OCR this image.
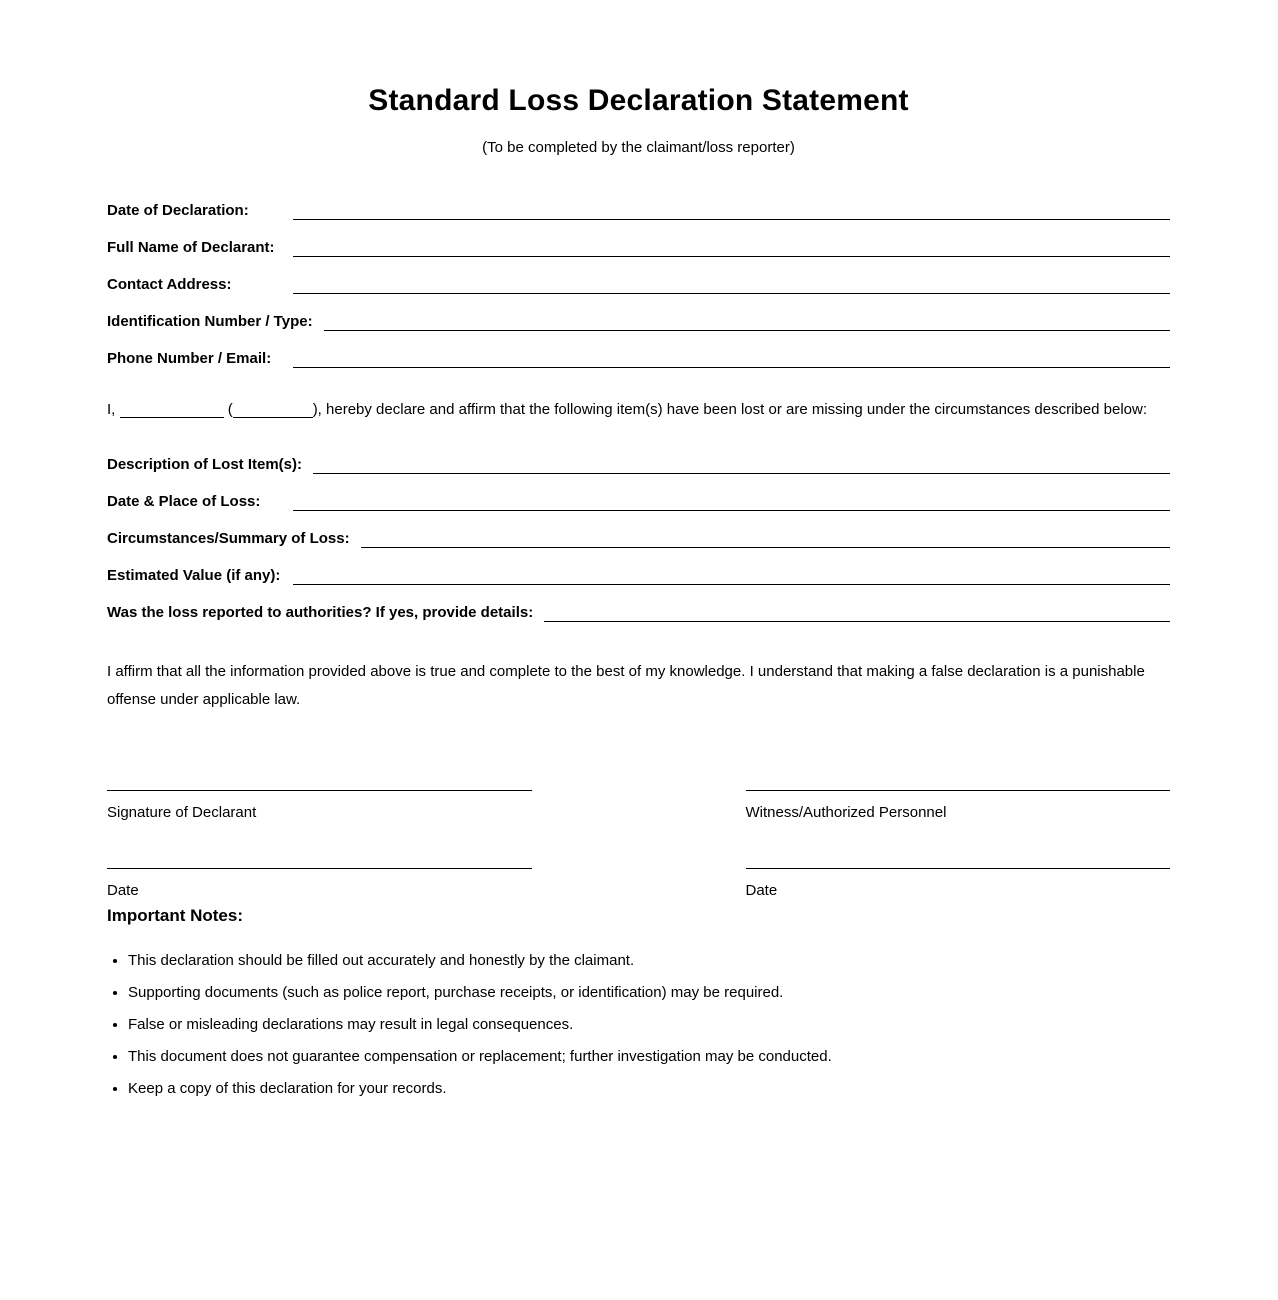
Standard Loss Declaration Statement
(To be completed by the claimant/loss reporter)
Date of Declaration:
Full Name of Declarant:
Contact Address:
Identification Number / Type:
Phone Number / Email:

I,	(	), hereby declare and affirm that the following item(s) have been lost or are missing under the circumstances described below:

Description of Lost Item(s):
Date & Place of Loss:
Circumstances/Summary of Loss:
Estimated Value (if any):
Was the loss reported to authorities? If yes, provide details:

I affirm that all the information provided above is true and complete to the best of my knowledge. I understand that making a false declaration is a punishable offense under applicable law.

Signature of Declarant	Witness/Authorized Personnel
Date	Date
Important Notes:
• This declaration should be filled out accurately and honestly by the claimant.
• Supporting documents (such as police report, purchase receipts, or identification) may be required.
• False or misleading declarations may result in legal consequences.
• This document does not guarantee compensation or replacement; further investigation may be conducted.
• Keep a copy of this declaration for your records.
